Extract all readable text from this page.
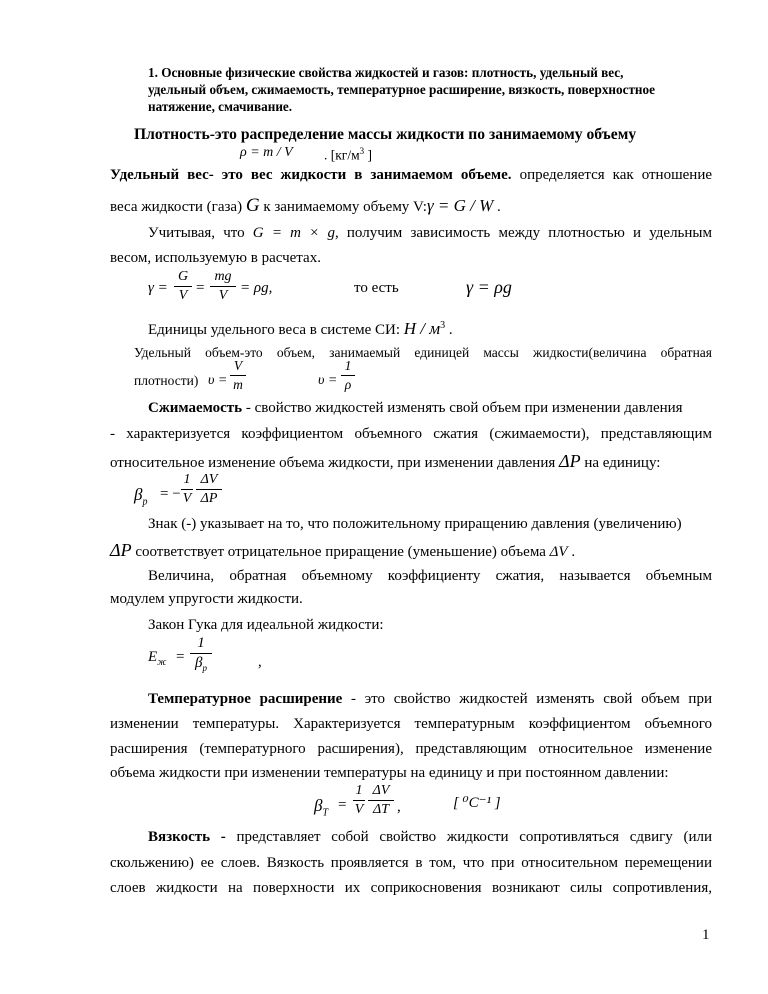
1. Основные физические свойства жидкостей и газов: плотность, удельный вес,
удельный объем, сжимаемость, температурное расширение, вязкость, поверхностное
натяжение, смачивание.
Плотность-это распределение массы жидкости по занимаемому объему
ρ = m / V . [$кг/м^3$ ]
Удельный вес- это вес жидкости в занимаемом объеме. определяется как отношение
веса жидкости (газа) G к занимаемому объему V:γ = G / W .
Учитывая, что G = m × g, получим зависимость между плотностью и удельным
весом, используемую в расчетах.
γ =
G
V =
mg
V = ρg,	то есть	γ = ρg
Единицы удельного веса в системе СИ: Н / $м^3$ .
Удельный объем-это объем, занимаемый единицей массы жидкости(величина обратная
плотности) υ =
V
m	υ =
1
ρ
Сжимаемость - свойство жидкостей изменять свой объем при изменении давления
- характеризуется коэффициентом объемного сжатия (сжимаемости), представляющим
относительное изменение объема жидкости, при изменении давления ΔP на единицу:
$\beta_p$ = −
1
V
ΔV
ΔP
Знак (-) указывает на то, что положительному приращению давления (увеличению)
ΔP соответствует отрицательное приращение (уменьшение) объема ΔV .
Величина, обратная объемному коэффициенту сжатия, называется объемным
модулем упругости жидкости.
Закон Гука для идеальной жидкости:
$E_ж$ =
1
$\beta_p$	,
Температурное расширение - это свойство жидкостей изменять свой объем при
изменении температуры. Характеризуется температурным коэффициентом объемного
расширения (температурного расширения), представляющим относительное изменение
объема жидкости при изменении температуры на единицу и при постоянном давлении:
$\beta_T$ =
1
V
ΔV
ΔT ,	[ ⁰C⁻¹ ]
Вязкость - представляет собой свойство жидкости сопротивляться сдвигу (или
скольжению) ее слоев. Вязкость проявляется в том, что при относительном перемещении
слоев жидкости на поверхности их соприкосновения возникают силы сопротивления,
1
